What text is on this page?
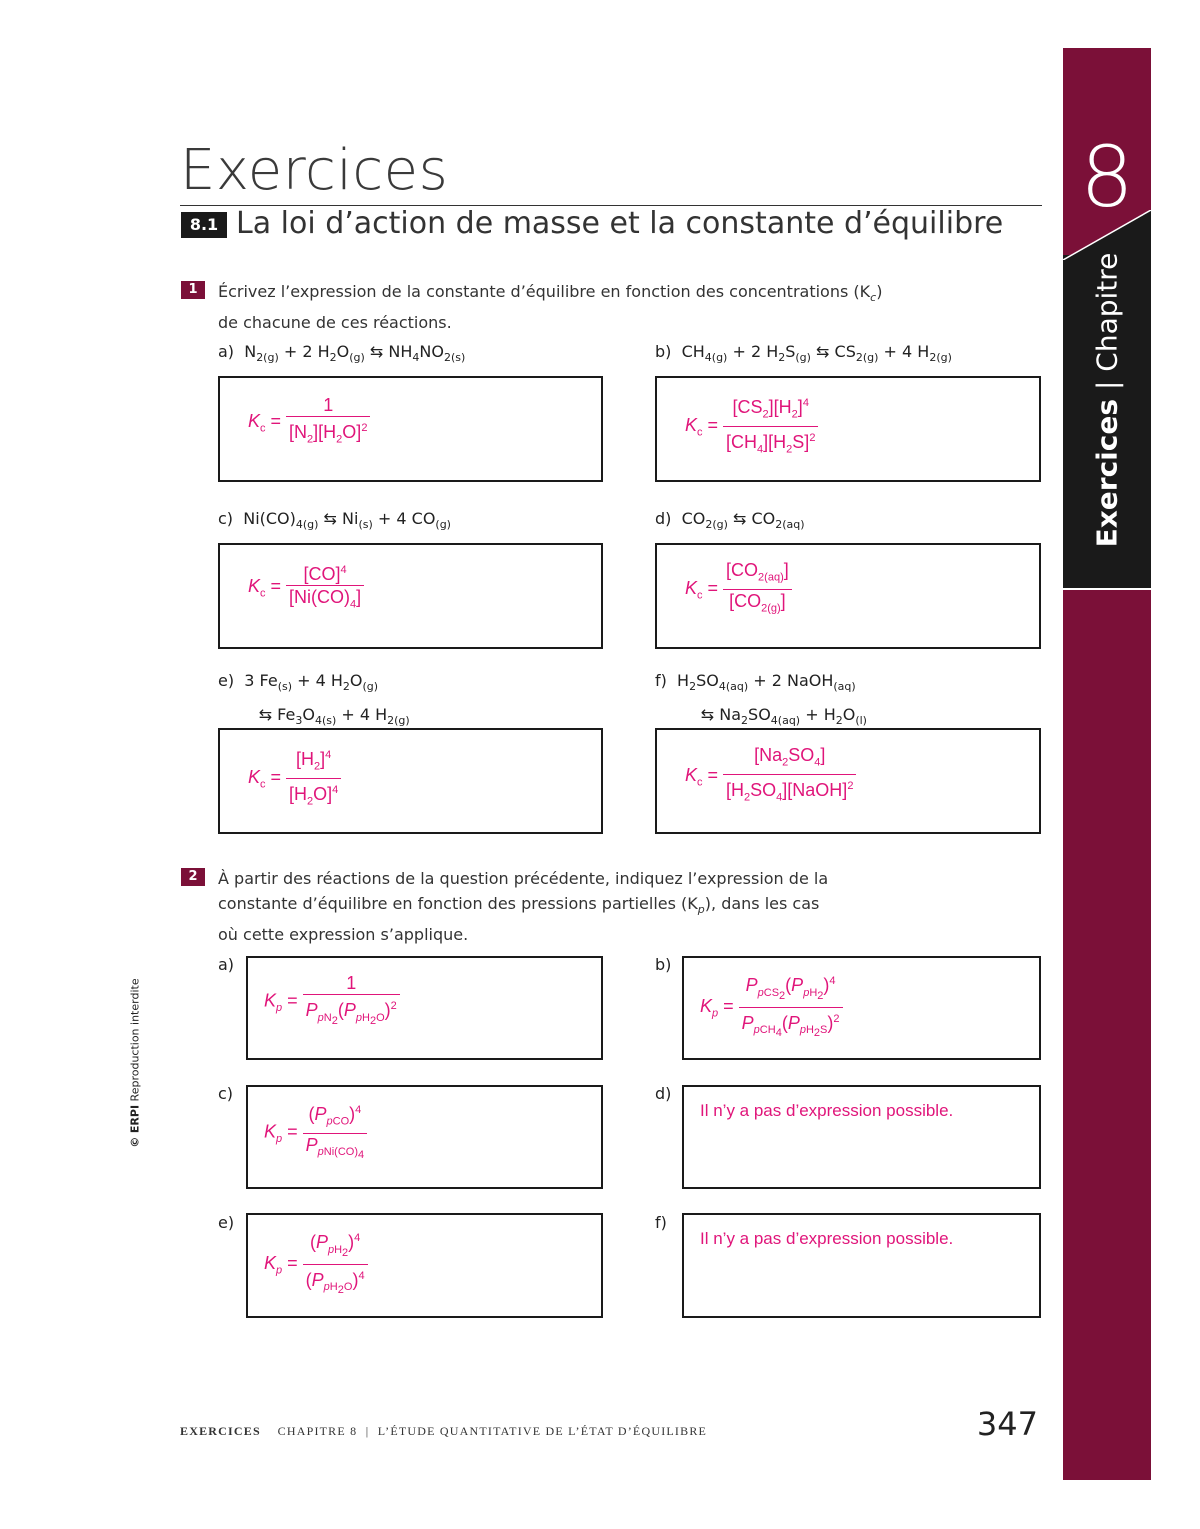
8
Exercices | Chapitre
Exercices
8.1 La loi d’action de masse et la constante d’équilibre
1	Écrivez l’expression de la constante d’équilibre en fonction des concentrations $(K_c)$
de chacune de ces réactions.
a)  $N_{2(g)} + 2$ $H_2O_{(g)}$ ⇆ $NH_4NO_{2(s)}$
$K_c = \frac{1}{[N_2][H_2O]^2}$
b)  $CH_{4(g)} + 2$ $H_2S_{(g)}$ ⇆ $CS_{2(g)} + 4$ $H_{2(g)}$
$K_c = \frac{[CS_2][H_2]^4}{[CH_4][H_2S]^2}$
c)  $Ni(CO)_{4(g)}$ ⇆ $Ni_{(s)} + 4$ $CO_{(g)}$
$K_c = \frac{[CO]^4}{[Ni(CO)_4]}$
d)  $CO_{2(g)}$ ⇆ $CO_{2(aq)}$
$K_c = \frac{[CO_{2(aq)}]}{[CO_{2(g)}]}$
e)  3 $Fe_{(s)} + 4$ $H_2O_{(g)}$
⇆ $Fe_3O_{4(s)} + 4$ $H_{2(g)}$
$K_c = \frac{[H_2]^4}{[H_2O]^4}$
f)  $H_2SO_{4(aq)} + 2$ NaOH$_{(aq)}$
⇆ $Na_2SO_{4(aq)} + H_2O_{(l)}$
$K_c = \frac{[Na_2SO_4]}{[H_2SO_4][NaOH]^2}$
2	À partir des réactions de la question précédente, indiquez l’expression de la
constante d’équilibre en fonction des pressions partielles $(K_p)$, dans les cas
où cette expression s’applique.
a)
$K_p = \frac{1}{P_{pN_2}(P_{pH_2O})^2}$
b)
$K_p = \frac{P_{pCS_2}(P_{pH_2})^4}{P_{pCH_4}(P_{pH_2S})^2}$
c)
$K_p = \frac{(P_{pCO})^4}{P_{pNi(CO)_4}}$
d)
Il n’y a pas d’expression possible.
e)
$K_p = \frac{(P_{pH_2})^4}{(P_{pH_2O})^4}$
f)
Il n’y a pas d’expression possible.
© ERPI Reproduction interdite
EXERCICES CHAPITRE 8 | L’ÉTUDE QUANTITATIVE DE L’ÉTAT D’ÉQUILIBRE	347
